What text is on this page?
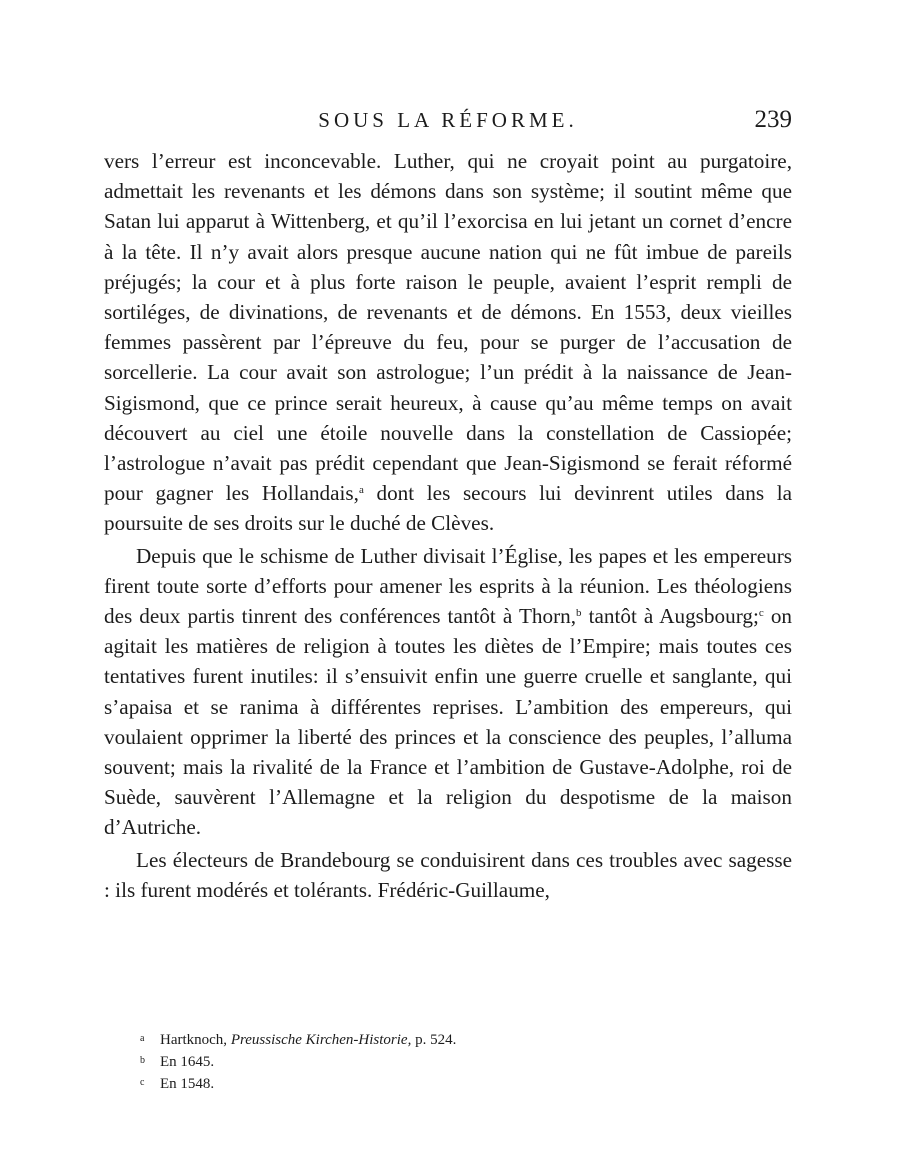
SOUS LA RÉFORME.	239

vers l’erreur est inconcevable. Luther, qui ne croyait point au purgatoire, admettait les revenants et les démons dans son système; il soutint même que Satan lui apparut à Wittenberg, et qu’il l’exorcisa en lui jetant un cornet d’encre à la tête. Il n’y avait alors presque aucune nation qui ne fût imbue de pareils préjugés; la cour et à plus forte raison le peuple, avaient l’esprit rempli de sortiléges, de divinations, de revenants et de démons. En 1553, deux vieilles femmes passèrent par l’épreuve du feu, pour se purger de l’accusation de sorcellerie. La cour avait son astrologue; l’un prédit à la naissance de Jean-Sigismond, que ce prince serait heureux, à cause qu’au même temps on avait découvert au ciel une étoile nouvelle dans la constellation de Cassiopée; l’astrologue n’avait pas prédit cependant que Jean-Sigismond se ferait réformé pour gagner les Hollandais,$^a$ dont les secours lui devinrent utiles dans la poursuite de ses droits sur le duché de Clèves.

Depuis que le schisme de Luther divisait l’Église, les papes et les empereurs firent toute sorte d’efforts pour amener les esprits à la réunion. Les théologiens des deux partis tinrent des conférences tantôt à Thorn,$^b$ tantôt à Augsbourg;$^c$ on agitait les matières de religion à toutes les diètes de l’Empire; mais toutes ces tentatives furent inutiles: il s’ensuivit enfin une guerre cruelle et sanglante, qui s’apaisa et se ranima à différentes reprises. L’ambition des empereurs, qui voulaient opprimer la liberté des princes et la conscience des peuples, l’alluma souvent; mais la rivalité de la France et l’ambition de Gustave-Adolphe, roi de Suède, sauvèrent l’Allemagne et la religion du despotisme de la maison d’Autriche.

Les électeurs de Brandebourg se conduisirent dans ces troubles avec sagesse : ils furent modérés et tolérants. Frédéric-Guillaume,

a	Hartknoch, Preussische Kirchen-Historie, p. 524.
b	En 1645.
c	En 1548.
